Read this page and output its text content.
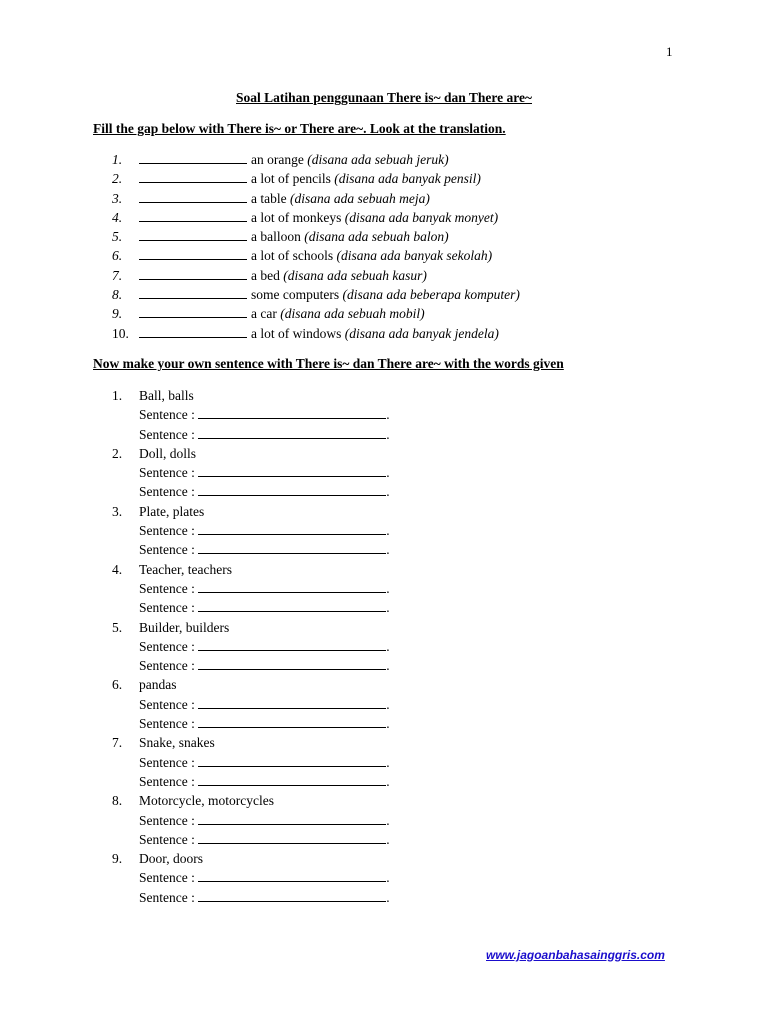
1
Soal Latihan penggunaan There is~ dan There are~
Fill the gap below with There is~ or There are~. Look at the translation.
1.	an orange (disana ada sebuah jeruk)
2.	a lot of pencils (disana ada banyak pensil)
3.	a table (disana ada sebuah meja)
4.	a lot of monkeys (disana ada banyak monyet)
5.	a balloon (disana ada sebuah balon)
6.	a lot of schools (disana ada banyak sekolah)
7.	a bed (disana ada sebuah kasur)
8.	some computers (disana ada beberapa komputer)
9.	a car (disana ada sebuah mobil)
10.	a lot of windows (disana ada banyak jendela)
Now make your own sentence with There is~ dan There are~ with the words given
1. Ball, balls
Sentence :	.
Sentence :	.
2. Doll, dolls
Sentence :	.
Sentence :	.
3. Plate, plates
Sentence :	.
Sentence :	.
4. Teacher, teachers
Sentence :	.
Sentence :	.
5. Builder, builders
Sentence :	.
Sentence :	.
6. pandas
Sentence :	.
Sentence :	.
7. Snake, snakes
Sentence :	.
Sentence :	.
8. Motorcycle, motorcycles
Sentence :	.
Sentence :	.
9. Door, doors
Sentence :	.
Sentence :	.
www.jagoanbahasainggris.com
